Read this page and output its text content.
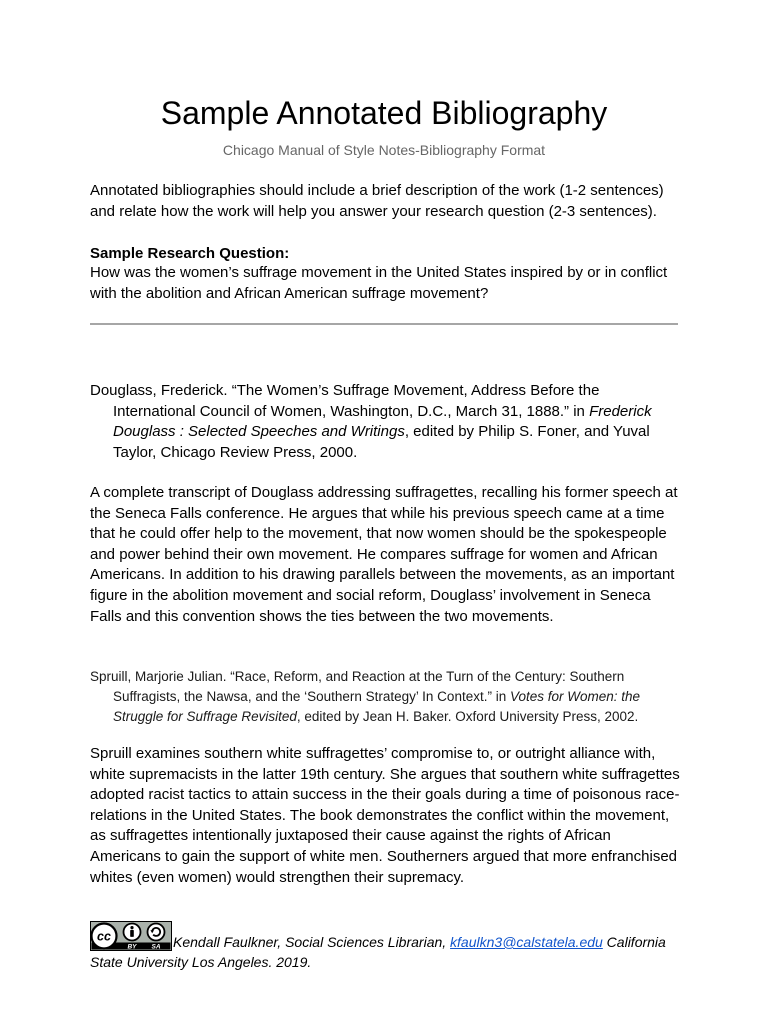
Sample Annotated Bibliography
Chicago Manual of Style Notes-Bibliography Format
Annotated bibliographies should include a brief description of the work (1-2 sentences) and relate how the work will help you answer your research question (2-3 sentences).
Sample Research Question:
How was the women’s suffrage movement in the United States inspired by or in conflict with the abolition and African American suffrage movement?
Douglass, Frederick. “The Women’s Suffrage Movement, Address Before the International Council of Women, Washington, D.C., March 31, 1888.” in Frederick Douglass : Selected Speeches and Writings, edited by Philip S. Foner, and Yuval Taylor, Chicago Review Press, 2000.
A complete transcript of Douglass addressing suffragettes, recalling his former speech at the Seneca Falls conference. He argues that while his previous speech came at a time that he could offer help to the movement, that now women should be the spokespeople and power behind their own movement. He compares suffrage for women and African Americans. In addition to his drawing parallels between the movements, as an important figure in the abolition movement and social reform, Douglass’ involvement in Seneca Falls and this convention shows the ties between the two movements.
Spruill, Marjorie Julian. “Race, Reform, and Reaction at the Turn of the Century: Southern Suffragists, the Nawsa, and the ‘Southern Strategy’ In Context.” in Votes for Women: the Struggle for Suffrage Revisited, edited by Jean H. Baker. Oxford University Press, 2002.
Spruill examines southern white suffragettes’ compromise to, or outright alliance with, white supremacists in the latter 19th century. She argues that southern white suffragettes adopted racist tactics to attain success in the their goals during a time of poisonous race-relations in the United States. The book demonstrates the conflict within the movement, as suffragettes intentionally juxtaposed their cause against the rights of African Americans to gain the support of white men. Southerners argued that more enfranchised whites (even women) would strengthen their supremacy.
cc
BY SA Kendall Faulkner, Social Sciences Librarian, kfaulkn3@calstatela.edu California State University Los Angeles. 2019.
